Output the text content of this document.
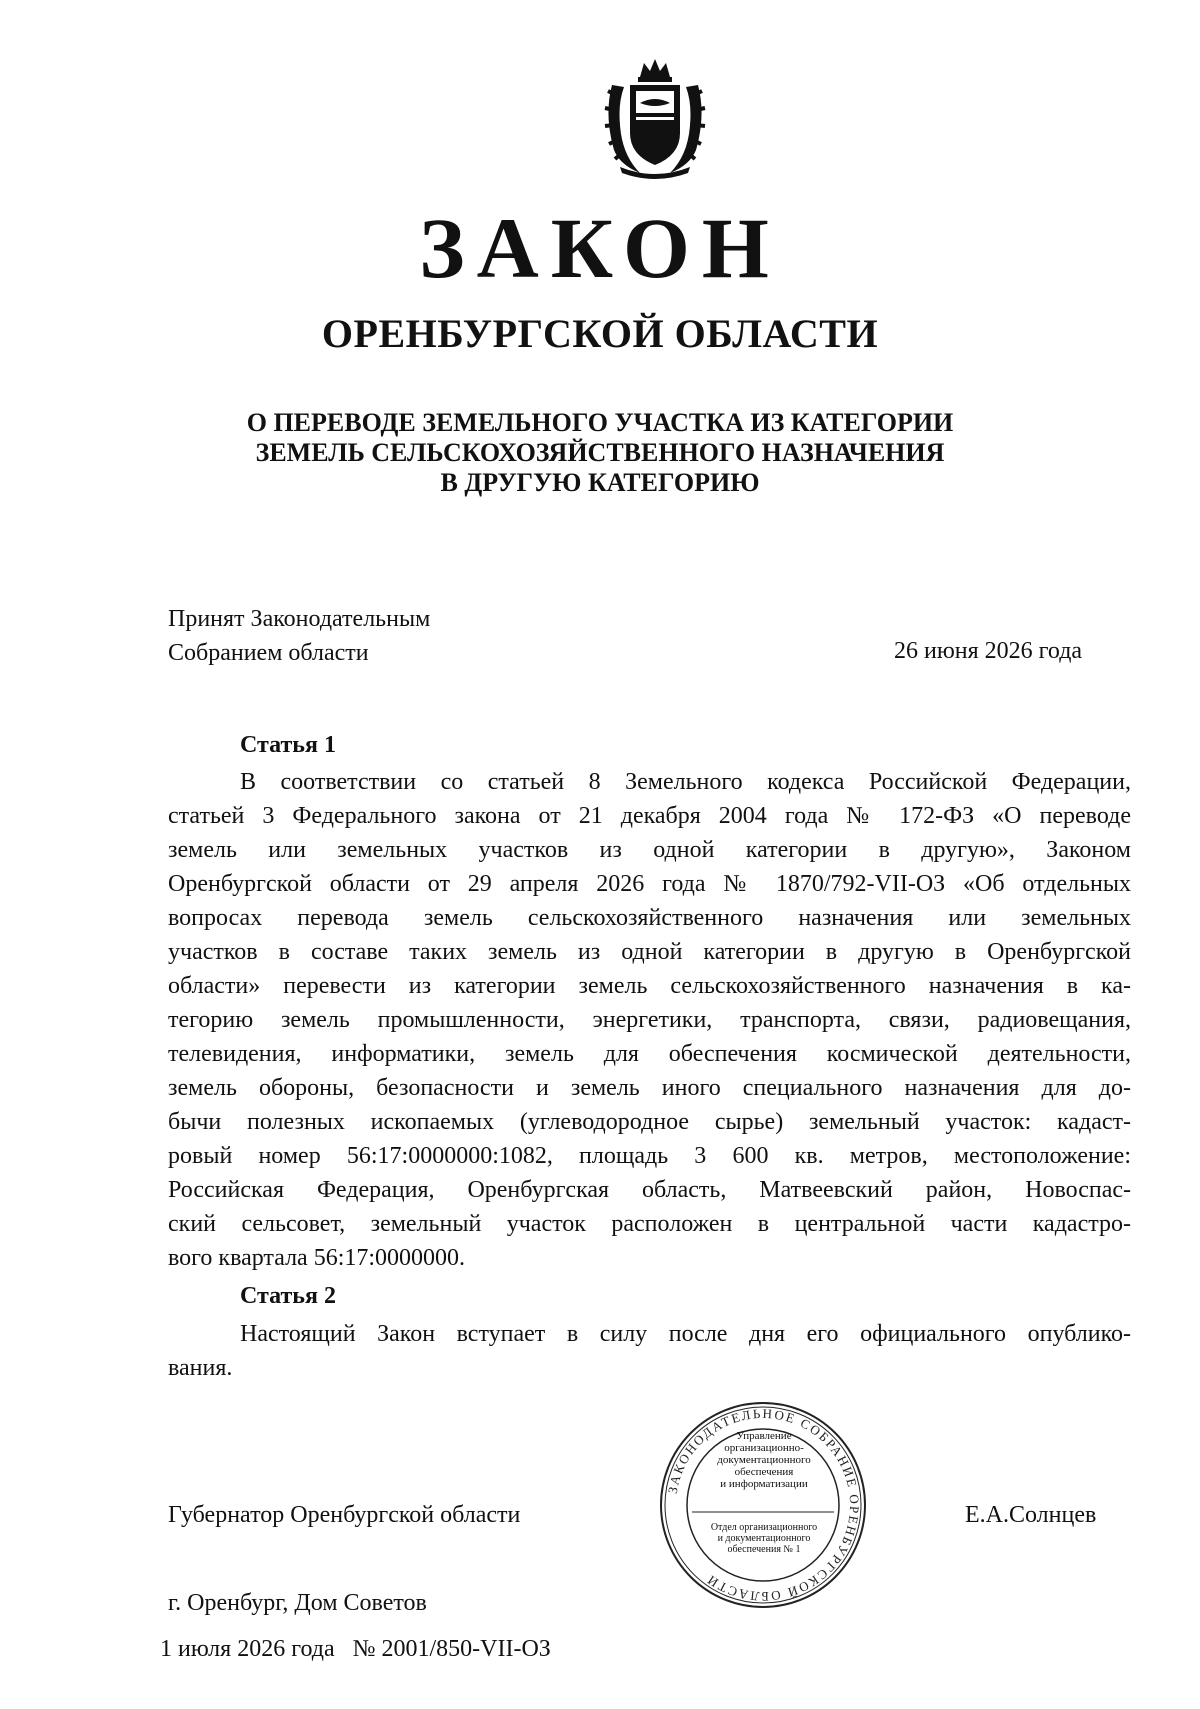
ЗАКОН
ОРЕНБУРГСКОЙ ОБЛАСТИ
О ПЕРЕВОДЕ ЗЕМЕЛЬНОГО УЧАСТКА ИЗ КАТЕГОРИИ
ЗЕМЕЛЬ СЕЛЬСКОХОЗЯЙСТВЕННОГО НАЗНАЧЕНИЯ
В ДРУГУЮ КАТЕГОРИЮ
Принят Законодательным
Собранием области	26 июня 2026 года
Статья 1
В соответствии со статьей 8 Земельного кодекса Российской Федерации,
статьей 3 Федерального закона от 21 декабря 2004 года № 172-ФЗ «О переводе
земель или земельных участков из одной категории в другую», Законом
Оренбургской области от 29 апреля 2026 года № 1870/792-VII-ОЗ «Об отдельных
вопросах перевода земель сельскохозяйственного назначения или земельных
участков в составе таких земель из одной категории в другую в Оренбургской
области» перевести из категории земель сельскохозяйственного назначения в ка-
тегорию земель промышленности, энергетики, транспорта, связи, радиовещания,
телевидения, информатики, земель для обеспечения космической деятельности,
земель обороны, безопасности и земель иного специального назначения для до-
бычи полезных ископаемых (углеводородное сырье) земельный участок: кадаст-
ровый номер 56:17:0000000:1082, площадь 3 600 кв. метров, местоположение:
Российская Федерация, Оренбургская область, Матвеевский район, Новоспас-
ский сельсовет, земельный участок расположен в центральной части кадастро-
вого квартала 56:17:0000000.
Статья 2
Настоящий Закон вступает в силу после дня его официального опублико-
вания.
ЗАКОНОДАТЕЛЬНОЕ СОБРАНИЕ ОРЕНБУРГСКОЙ ОБЛАСТИ
Управление
организационно-
документационного
обеспечения
и информатизации
Отдел организационного
и документационного
обеспечения № 1
Губернатор Оренбургской области	Е.А.Солнцев
г. Оренбург, Дом Советов
1 июля 2026 года   № 2001/850-VII-ОЗ
